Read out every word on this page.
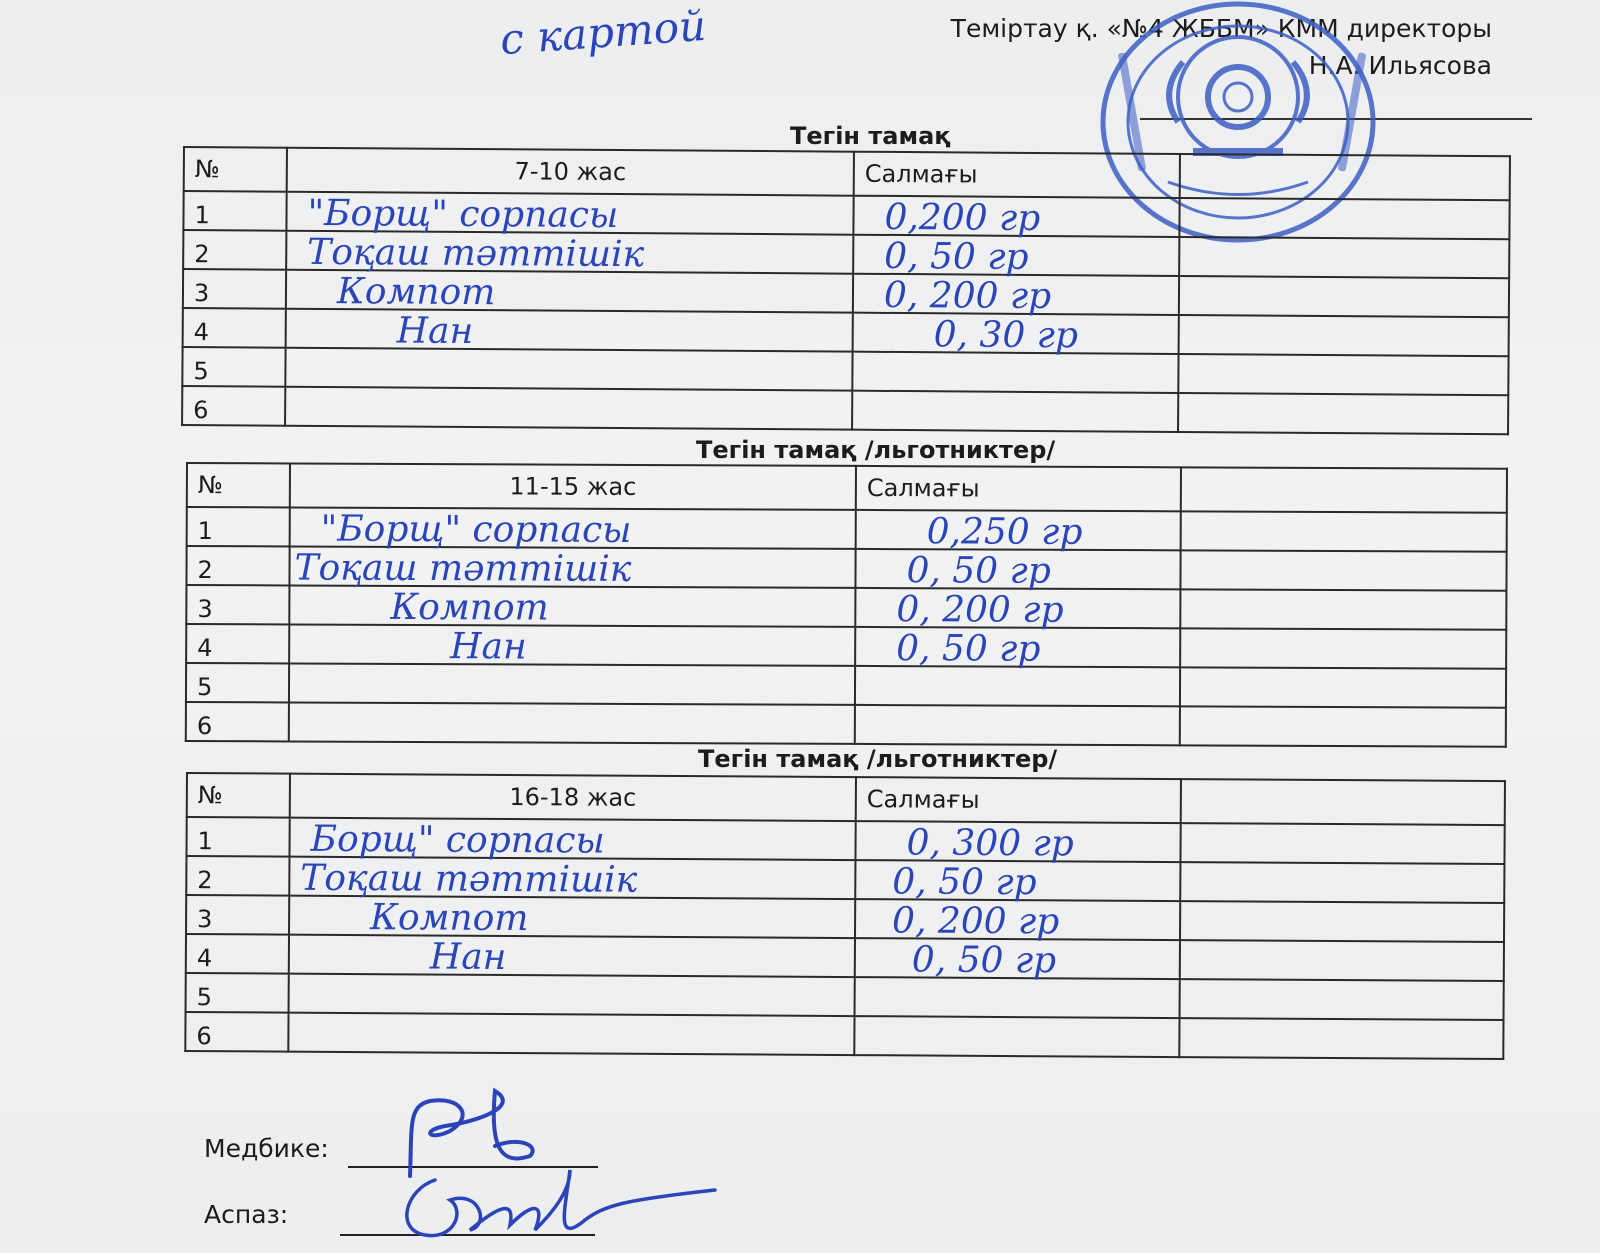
с картой	Теміртау қ. «№4 ЖББМ» КММ директоры
Н.А. Ильясова
Тегін тамақ
№	7-10 жас	Салмағы	
1	"Борщ" сорпасы	0,200 гр	

2	Тоқаш тәттішік	0, 50 гр	

3	Компот	0, 200 гр	

4	Нан	0, 30 гр	

5			
6			
Тегін тамақ /льготниктер/
№	11-15 жас	Салмағы	
1	"Борщ" сорпасы	0,250 гр	

2	Тоқаш тәттішік	0, 50 гр	

3	Компот	0, 200 гр	

4	Нан	0, 50 гр	

5			
6			
Тегін тамақ /льготниктер/
№	16-18 жас	Салмағы	
1	Борщ" сорпасы	0, 300 гр	

2	Тоқаш тәттішік	0, 50 гр	

3	Компот	0, 200 гр	

4	Нан	0, 50 гр	

5			
6			
Медбике:
Аспаз:
